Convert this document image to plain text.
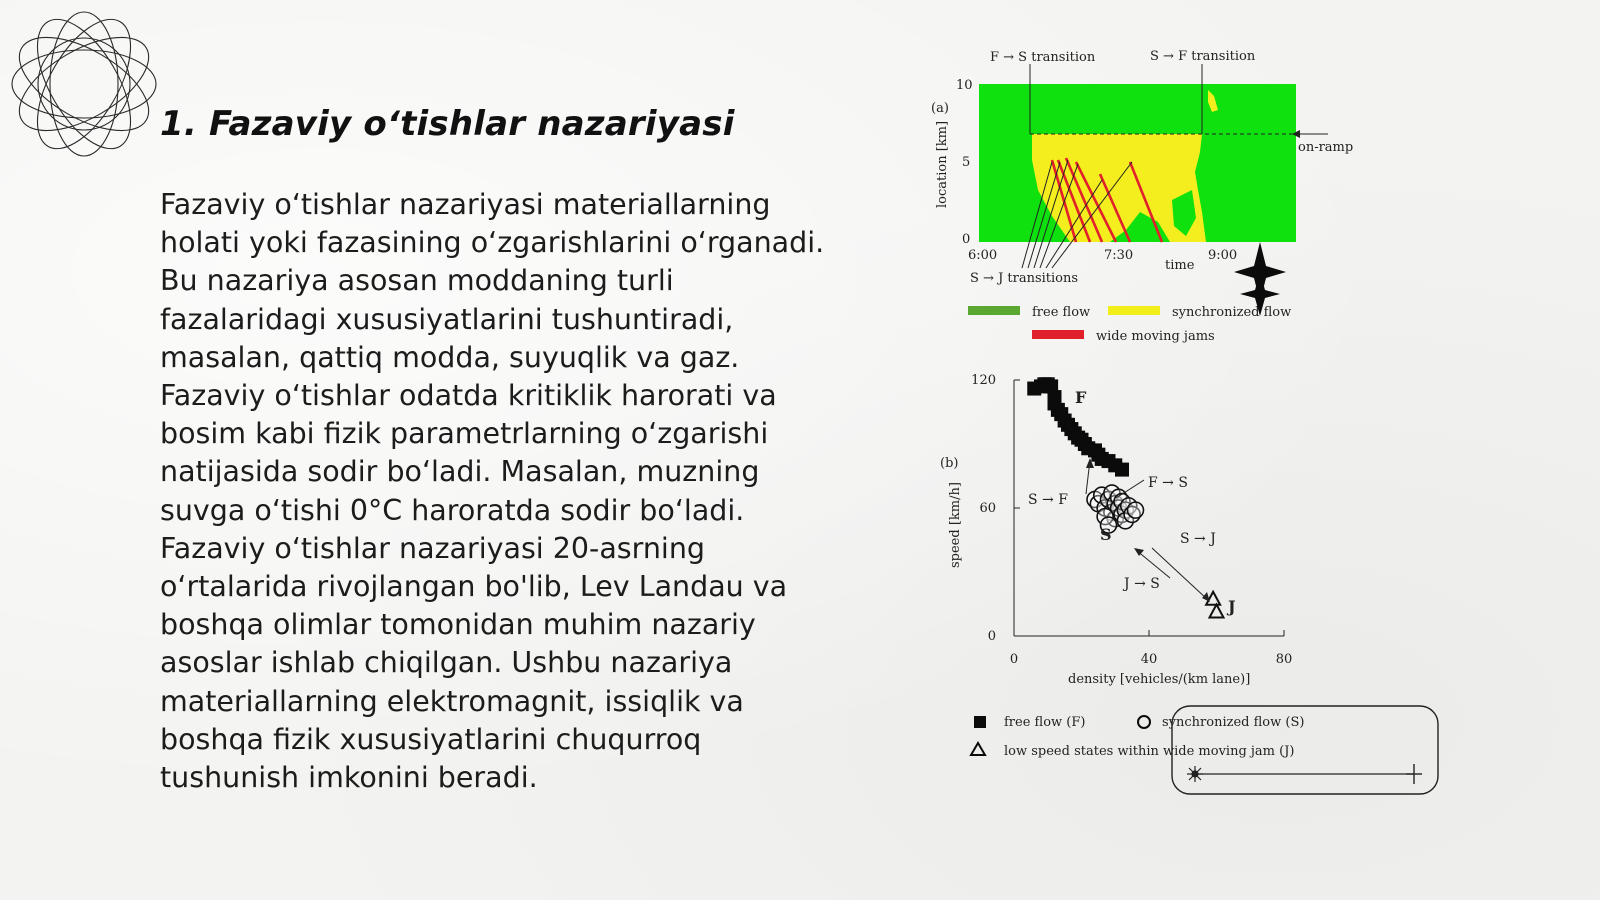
1. Fazaviy o‘tishlar nazariyasi

Fazaviy o‘tishlar nazariyasi materiallarning holati yoki fazasining o‘zgarishlarini o‘rganadi. Bu nazariya asosan moddaning turli fazalaridagi xususiyatlarini tushuntiradi, masalan, qattiq modda, suyuqlik va gaz. Fazaviy o‘tishlar odatda kritiklik harorati va bosim kabi fizik parametrlarning o‘zgarishi natijasida sodir bo‘ladi. Masalan, muzning suvga o‘tishi 0°C haroratda sodir bo‘ladi. Fazaviy o‘tishlar nazariyasi 20-asrning o‘rtalarida rivojlangan bo'lib, Lev Landau va boshqa olimlar tomonidan muhim nazariy asoslar ishlab chiqilgan. Ushbu nazariya materiallarning elektromagnit, issiqlik va boshqa fizik xususiyatlarini chuqurroq tushunish imkonini beradi.

F → S transition	S → F transition
(a)
location [km]
10
5
0
on-ramp
6:00	7:30
time
9:00
S → J transitions
free flow	synchronized flow
wide moving jams
(b)
speed [km/h]
0	40	80
120
60
0
F
S
J
F → S
S → F
S → J
J → S
density [vehicles/(km lane)]
free flow (F)	synchronized flow (S)
low speed states within wide moving jam (J)
